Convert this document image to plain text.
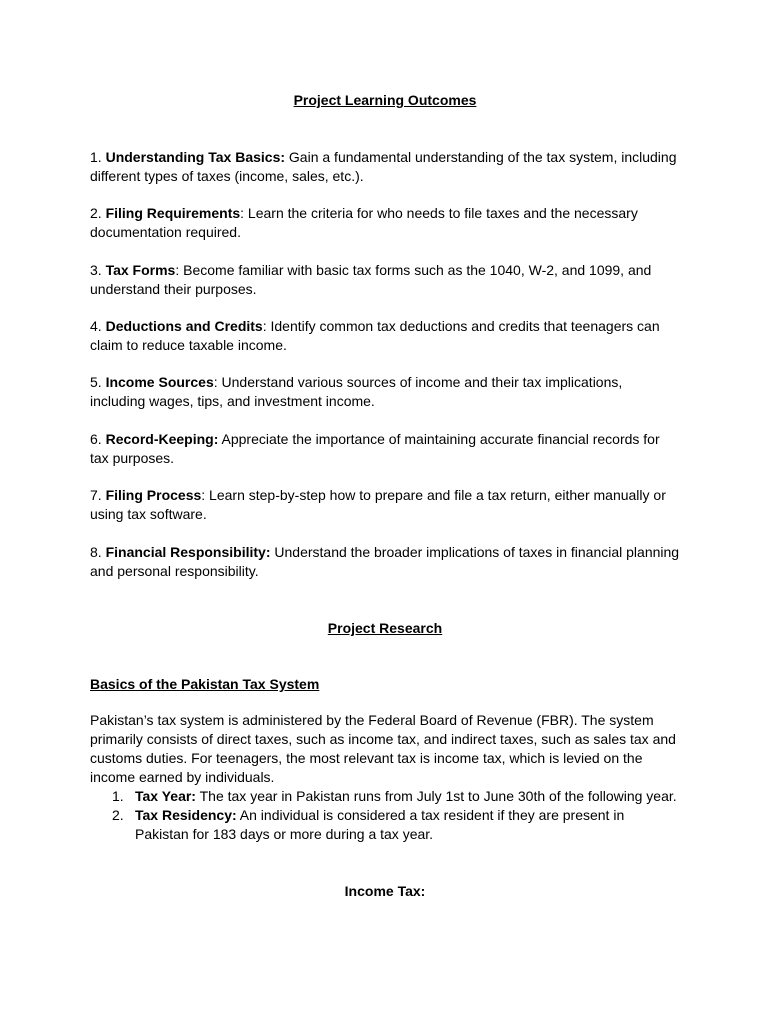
Project Learning Outcomes

1. Understanding Tax Basics: Gain a fundamental understanding of the tax system, including different types of taxes (income, sales, etc.).

2. Filing Requirements: Learn the criteria for who needs to file taxes and the necessary documentation required.

3. Tax Forms: Become familiar with basic tax forms such as the 1040, W-2, and 1099, and understand their purposes.

4. Deductions and Credits: Identify common tax deductions and credits that teenagers can claim to reduce taxable income.

5. Income Sources: Understand various sources of income and their tax implications, including wages, tips, and investment income.

6. Record-Keeping: Appreciate the importance of maintaining accurate financial records for tax purposes.

7. Filing Process: Learn step-by-step how to prepare and file a tax return, either manually or using tax software.

8. Financial Responsibility: Understand the broader implications of taxes in financial planning and personal responsibility.

Project Research
Basics of the Pakistan Tax System

Pakistan’s tax system is administered by the Federal Board of Revenue (FBR). The system primarily consists of direct taxes, such as income tax, and indirect taxes, such as sales tax and customs duties. For teenagers, the most relevant tax is income tax, which is levied on the income earned by individuals.

1. Tax Year: The tax year in Pakistan runs from July 1st to June 30th of the following year.
2. Tax Residency: An individual is considered a tax resident if they are present in Pakistan for 183 days or more during a tax year.
Income Tax:
